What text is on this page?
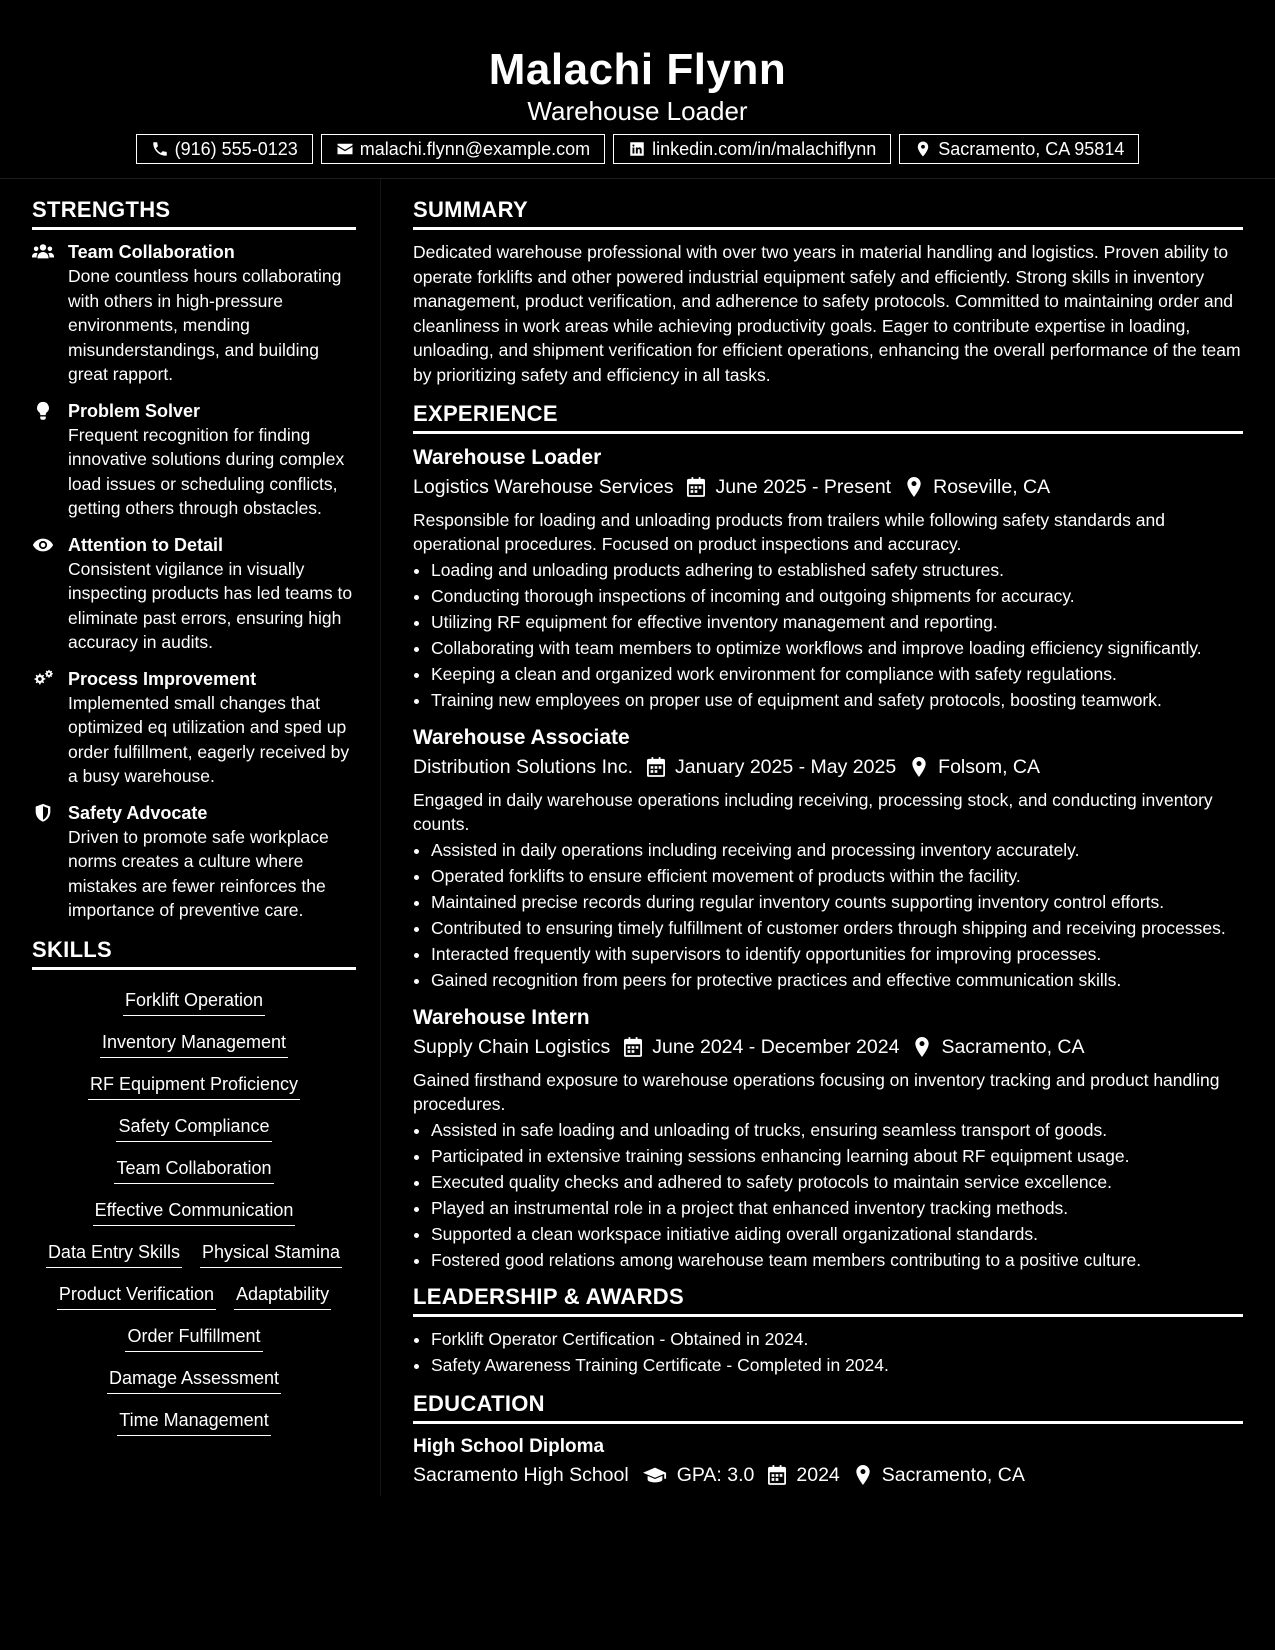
Malachi Flynn
Warehouse Loader
(916) 555-0123	malachi.flynn@example.com	linkedin.com/in/malachiflynn	Sacramento, CA 95814
STRENGTHS
Team Collaboration
Done countless hours collaborating with others in high-pressure environments, mending misunderstandings, and building great rapport.
Problem Solver
Frequent recognition for finding innovative solutions during complex load issues or scheduling conflicts, getting others through obstacles.
Attention to Detail
Consistent vigilance in visually inspecting products has led teams to eliminate past errors, ensuring high accuracy in audits.
Process Improvement
Implemented small changes that optimized eq utilization and sped up order fulfillment, eagerly received by a busy warehouse.
Safety Advocate
Driven to promote safe workplace norms creates a culture where mistakes are fewer reinforces the importance of preventive care.
SKILLS
Forklift Operation
Inventory Management
RF Equipment Proficiency
Safety Compliance
Team Collaboration
Effective Communication
Data Entry Skills Physical Stamina
Product Verification Adaptability
Order Fulfillment
Damage Assessment
Time Management
SUMMARY
Dedicated warehouse professional with over two years in material handling and logistics. Proven ability to operate forklifts and other powered industrial equipment safely and efficiently. Strong skills in inventory management, product verification, and adherence to safety protocols. Committed to maintaining order and cleanliness in work areas while achieving productivity goals. Eager to contribute expertise in loading, unloading, and shipment verification for efficient operations, enhancing the overall performance of the team by prioritizing safety and efficiency in all tasks.
EXPERIENCE
Warehouse Loader
Logistics Warehouse Services June 2025 - Present Roseville, CA
Responsible for loading and unloading products from trailers while following safety standards and operational procedures. Focused on product inspections and accuracy.
• Loading and unloading products adhering to established safety structures.
• Conducting thorough inspections of incoming and outgoing shipments for accuracy.
• Utilizing RF equipment for effective inventory management and reporting.
• Collaborating with team members to optimize workflows and improve loading efficiency significantly.
• Keeping a clean and organized work environment for compliance with safety regulations.
• Training new employees on proper use of equipment and safety protocols, boosting teamwork.
Warehouse Associate
Distribution Solutions Inc. January 2025 - May 2025 Folsom, CA
Engaged in daily warehouse operations including receiving, processing stock, and conducting inventory counts.
• Assisted in daily operations including receiving and processing inventory accurately.
• Operated forklifts to ensure efficient movement of products within the facility.
• Maintained precise records during regular inventory counts supporting inventory control efforts.
• Contributed to ensuring timely fulfillment of customer orders through shipping and receiving processes.
• Interacted frequently with supervisors to identify opportunities for improving processes.
• Gained recognition from peers for protective practices and effective communication skills.
Warehouse Intern
Supply Chain Logistics June 2024 - December 2024 Sacramento, CA
Gained firsthand exposure to warehouse operations focusing on inventory tracking and product handling procedures.
• Assisted in safe loading and unloading of trucks, ensuring seamless transport of goods.
• Participated in extensive training sessions enhancing learning about RF equipment usage.
• Executed quality checks and adhered to safety protocols to maintain service excellence.
• Played an instrumental role in a project that enhanced inventory tracking methods.
• Supported a clean workspace initiative aiding overall organizational standards.
• Fostered good relations among warehouse team members contributing to a positive culture.
LEADERSHIP & AWARDS
• Forklift Operator Certification - Obtained in 2024.
• Safety Awareness Training Certificate - Completed in 2024.
EDUCATION
High School Diploma
Sacramento High School GPA: 3.0 2024 Sacramento, CA
